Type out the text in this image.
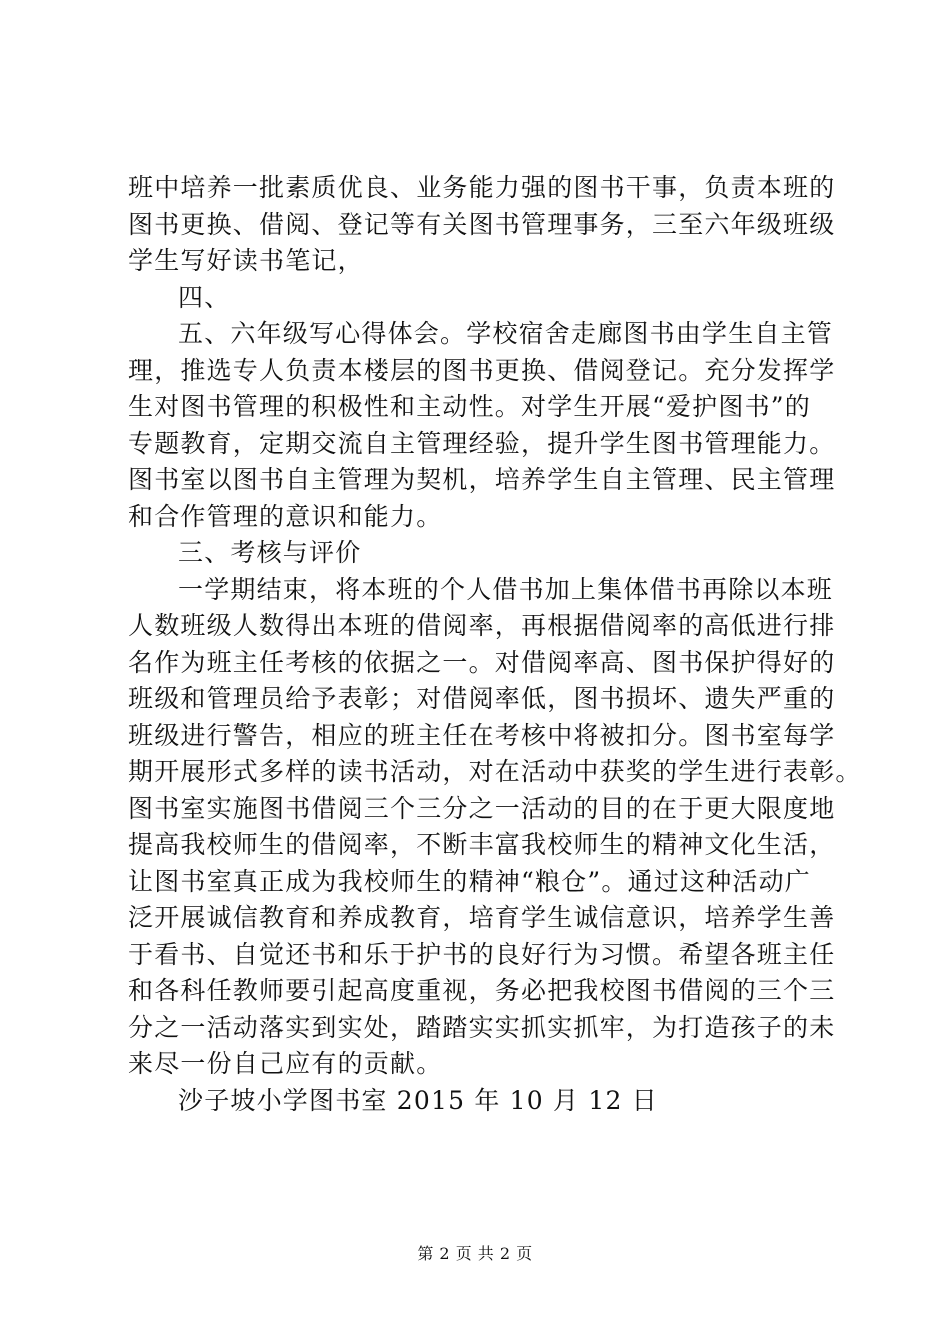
班中培养一批素质优良、业务能力强的图书干事，负责本班的
图书更换、借阅、登记等有关图书管理事务，三至六年级班级
学生写好读书笔记，
四、
五、六年级写心得体会。学校宿舍走廊图书由学生自主管
理，推选专人负责本楼层的图书更换、借阅登记。充分发挥学
生对图书管理的积极性和主动性。对学生开展“爱护图书”的
专题教育，定期交流自主管理经验，提升学生图书管理能力。
图书室以图书自主管理为契机，培养学生自主管理、民主管理
和合作管理的意识和能力。
三、考核与评价
一学期结束，将本班的个人借书加上集体借书再除以本班
人数班级人数得出本班的借阅率，再根据借阅率的高低进行排
名作为班主任考核的依据之一。对借阅率高、图书保护得好的
班级和管理员给予表彰；对借阅率低，图书损坏、遗失严重的
班级进行警告，相应的班主任在考核中将被扣分。图书室每学
期开展形式多样的读书活动，对在活动中获奖的学生进行表彰。
图书室实施图书借阅三个三分之一活动的目的在于更大限度地
提高我校师生的借阅率，不断丰富我校师生的精神文化生活，
让图书室真正成为我校师生的精神“粮仓”。通过这种活动广
泛开展诚信教育和养成教育，培育学生诚信意识，培养学生善
于看书、自觉还书和乐于护书的良好行为习惯。希望各班主任
和各科任教师要引起高度重视，务必把我校图书借阅的三个三
分之一活动落实到实处，踏踏实实抓实抓牢，为打造孩子的未
来尽一份自己应有的贡献。
沙子坡小学图书室 2015 年 10 月 12 日
第 2 页 共 2 页
